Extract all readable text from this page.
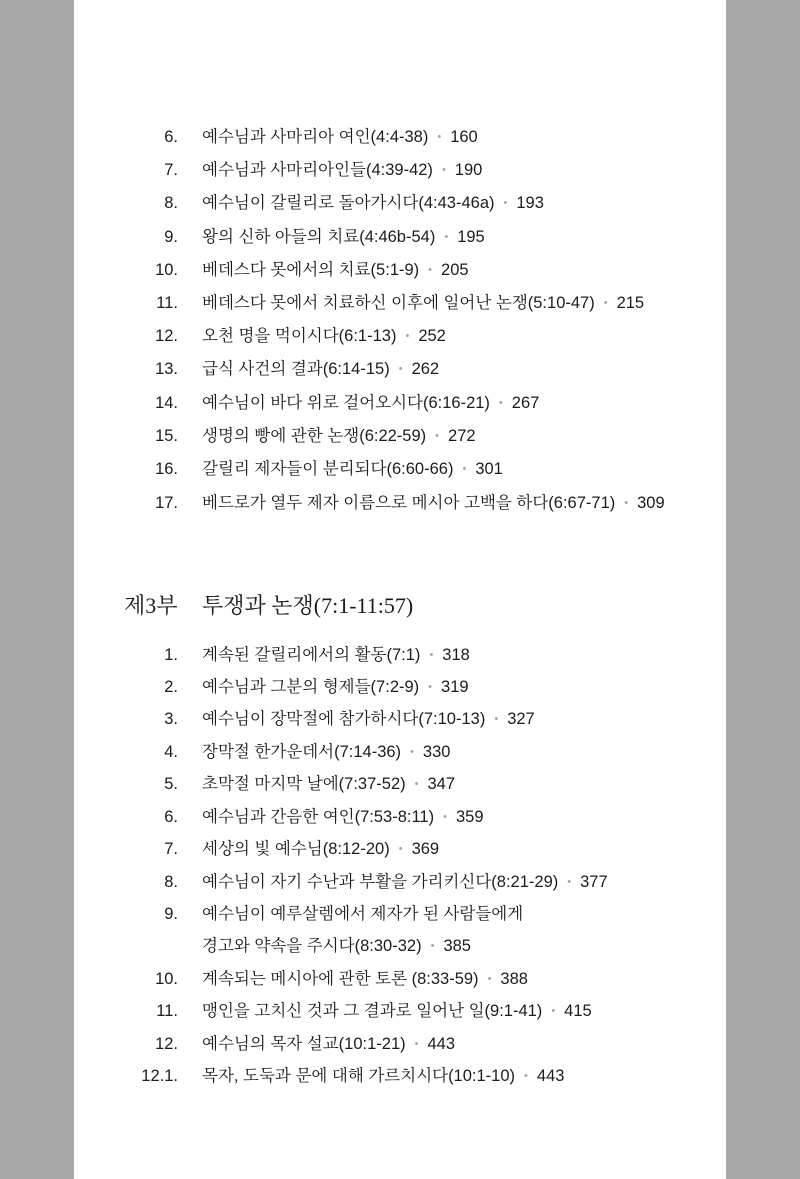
6. 예수님과 사마리아 여인(4:4-38) • 160
7. 예수님과 사마리아인들(4:39-42) • 190
8. 예수님이 갈릴리로 돌아가시다(4:43-46a) • 193
9. 왕의 신하 아들의 치료(4:46b-54) • 195
10. 베데스다 못에서의 치료(5:1-9) • 205
11. 베데스다 못에서 치료하신 이후에 일어난 논쟁(5:10-47) • 215
12. 오천 명을 먹이시다(6:1-13) • 252
13. 급식 사건의 결과(6:14-15) • 262
14. 예수님이 바다 위로 걸어오시다(6:16-21) • 267
15. 생명의 빵에 관한 논쟁(6:22-59) • 272
16. 갈릴리 제자들이 분리되다(6:60-66) • 301
17. 베드로가 열두 제자 이름으로 메시아 고백을 하다(6:67-71) • 309
제3부 투쟁과 논쟁(7:1-11:57)
1. 계속된 갈릴리에서의 활동(7:1) • 318
2. 예수님과 그분의 형제들(7:2-9) • 319
3. 예수님이 장막절에 참가하시다(7:10-13) • 327
4. 장막절 한가운데서(7:14-36) • 330
5. 초막절 마지막 날에(7:37-52) • 347
6. 예수님과 간음한 여인(7:53-8:11) • 359
7. 세상의 빛 예수님(8:12-20) • 369
8. 예수님이 자기 수난과 부활을 가리키신다(8:21-29) • 377
9. 예수님이 예루살렘에서 제자가 된 사람들에게
경고와 약속을 주시다(8:30-32) • 385
10. 계속되는 메시아에 관한 토론 (8:33-59) • 388
11. 맹인을 고치신 것과 그 결과로 일어난 일(9:1-41) • 415
12. 예수님의 목자 설교(10:1-21) • 443
12.1. 목자, 도둑과 문에 대해 가르치시다(10:1-10) • 443
